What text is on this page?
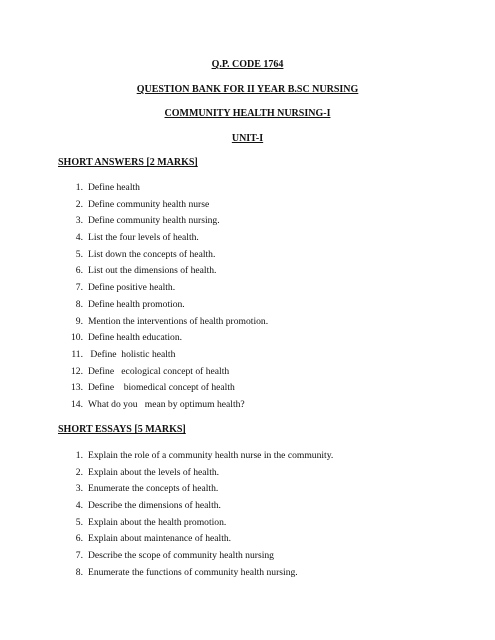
Q.P. CODE 1764
QUESTION BANK FOR II YEAR B.SC NURSING
COMMUNITY HEALTH NURSING-I
UNIT-I
SHORT ANSWERS [2 MARKS]
1. Define health
2. Define community health nurse
3. Define community health nursing.
4. List the four levels of health.
5. List down the concepts of health.
6. List out the dimensions of health.
7. Define positive health.
8. Define health promotion.
9. Mention the interventions of health promotion.
10. Define health education.
11. Define  holistic health
12. Define   ecological concept of health
13. Define    biomedical concept of health
14. What do you   mean by optimum health?
SHORT ESSAYS [5 MARKS]
1. Explain the role of a community health nurse in the community.
2. Explain about the levels of health.
3. Enumerate the concepts of health.
4. Describe the dimensions of health.
5. Explain about the health promotion.
6. Explain about maintenance of health.
7. Describe the scope of community health nursing
8. Enumerate the functions of community health nursing.
